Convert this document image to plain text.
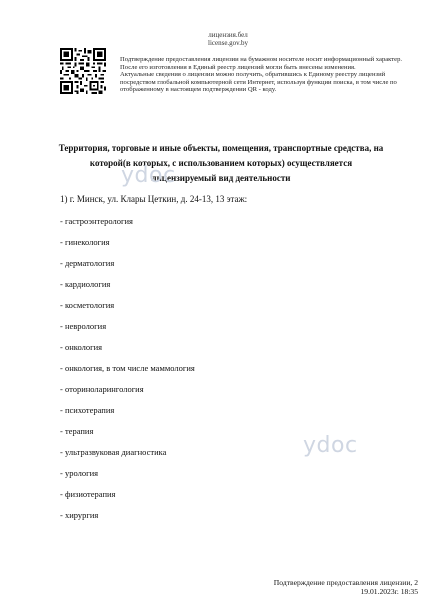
лицензия.бел
license.gov.by

Подтверждение предоставления лицензии на бумажном носителе носит информационный характер.

После его изготовления в Единый реестр лицензий могли быть внесены изменения.

Актуальные сведения о лицензии можно получить, обратившись к Единому реестру лицензий

посредством глобальной компьютерной сети Интернет, используя функции поиска, в том числе по

отображенному в настоящем подтверждении QR - коду.

Территория, торговые и иные объекты, помещения, транспортные средства, на
которой(в которых, с использованием которых) осуществляется
лицензируемый вид деятельности
ydoc
1) г. Минск, ул. Клары Цеткин, д. 24-13, 13 этаж:
- гастроэнтерология
- гинекология
- дерматология
- кардиология
- косметология
- неврология
- онкология
- онкология, в том числе маммология
- оториноларингология
- психотерапия
- терапия
- ультразвуковая диагностика
- урология
- физиотерапия
- хирургия
ydoc
Подтверждение предоставления лицензии, 2
19.01.2023г. 18:35
